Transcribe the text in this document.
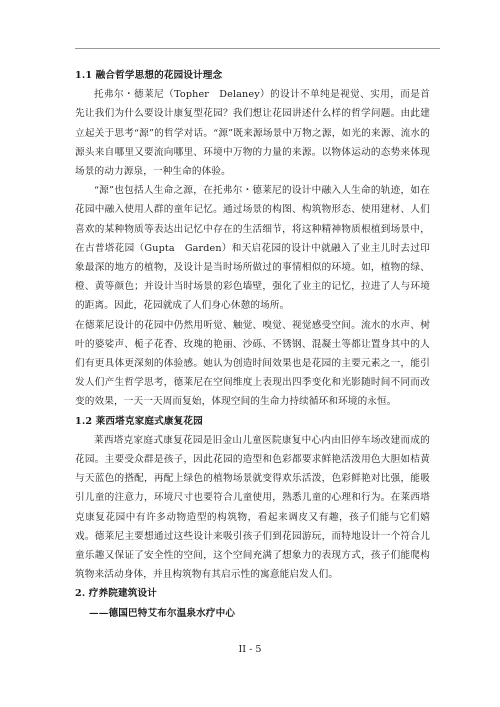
1.1 融合哲学思想的花园设计理念

托弗尔・德莱尼（Topher　Delaney）的设计不单纯是视觉、实用，而是首先让我们为什么要设计康复型花园？我们想让花园讲述什么样的哲学问题。由此建立起关于思考“源”的哲学对话。“源”既来源场景中万物之源，如光的来源、流水的源头来自哪里又要流向哪里、环境中万物的力量的来源。以物体运动的态势来体现场景的动力源泉，一种生命的体验。

“源”也包括人生命之源，在托弗尔・德莱尼的设计中融入人生命的轨迹，如在花园中融入使用人群的童年记忆。通过场景的构图、构筑物形态、使用建材、人们喜欢的某种物质等表达出记忆中存在的生活细节，将这种精神物质根植到场景中，在古普塔花园（Gupta　Garden）和天启花园的设计中就融入了业主儿时去过印象最深的地方的植物，及设计是当时场所做过的事情相似的环境。如，植物的绿、橙、黄等颜色；并设计当时场景的彩色墙壁，强化了业主的记忆，拉进了人与环境的距离。因此，花园就成了人们身心休憩的场所。

在德莱尼设计的花园中仍然用听觉、触觉、嗅觉、视觉感受空间。流水的水声、树叶的婆娑声、栀子花香、玫瑰的艳丽、沙砾、不锈钢、混凝土等都让置身其中的人们有更具体更深刻的体验感。她认为创造时间效果也是花园的主要元素之一，能引发人们产生哲学思考，德莱尼在空间维度上表现出四季变化和光影随时间不同而改变的效果，一天一天周而复始，体现空间的生命力持续循环和环境的永恒。

1.2 莱西塔克家庭式康复花园

莱西塔克家庭式康复花园是旧金山儿童医院康复中心内由旧停车场改建而成的花园。主要受众群是孩子，因此花园的造型和色彩都要求鲜艳活泼用色大胆如桔黄与天蓝色的搭配，再配上绿色的植物场景就变得欢乐活泼，色彩鲜艳对比强，能吸引儿童的注意力，环境尺寸也要符合儿童使用，熟悉儿童的心理和行为。在莱西塔克康复花园中有许多动物造型的构筑物，看起来调皮又有趣，孩子们能与它们嬉戏。德莱尼主要想通过这些设计来吸引孩子们到花园游玩，而特地设计一个符合儿童乐趣又保证了安全性的空间，这个空间充满了想象力的表现方式，孩子们能爬构筑物来活动身体，并且构筑物有其启示性的寓意能启发人们。

2. 疗养院建筑设计
——德国巴特艾布尔温泉水疗中心
II - 5
